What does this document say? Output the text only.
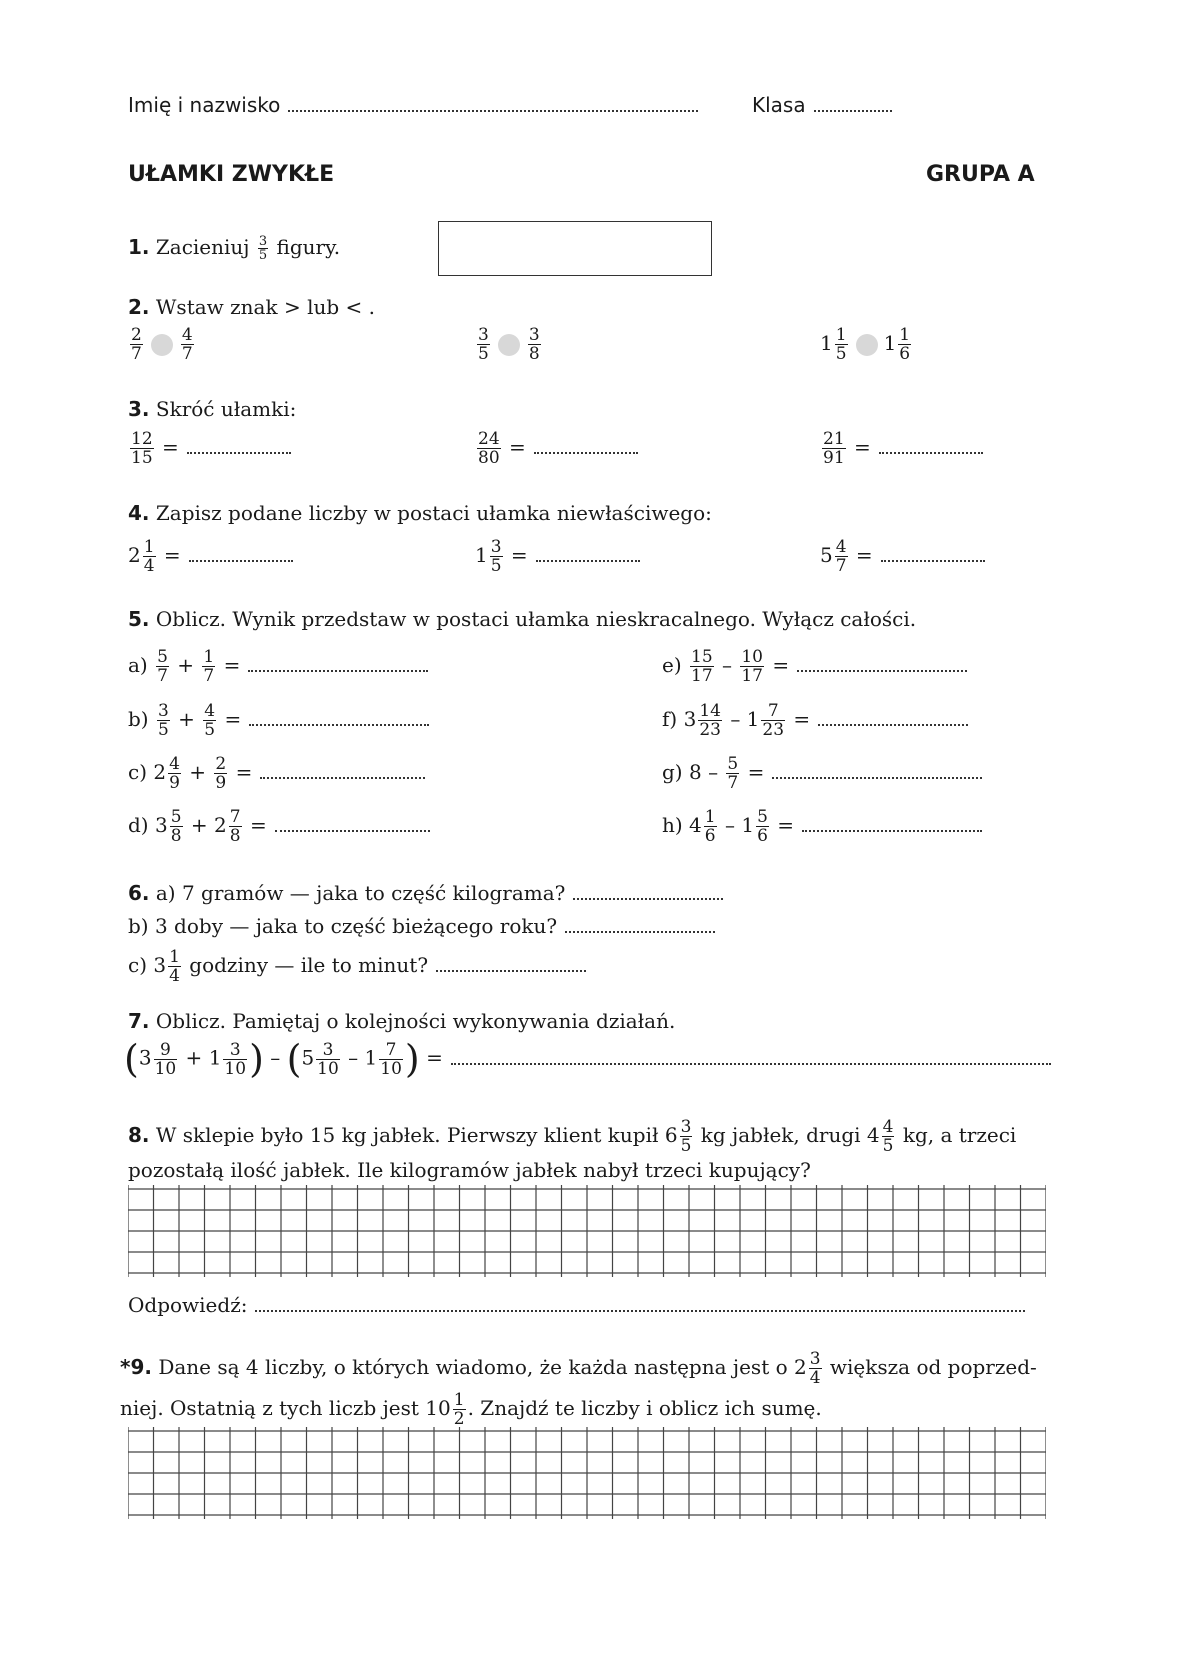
Imię i nazwisko	Klasa
UŁAMKI ZWYKŁE	GRUPA A
1. Zacieniuj $\frac{3}{5}$ figury.
2. Wstaw znak > lub < .
$\frac{2}{7} \frac{4}{7}$	$\frac{3}{5} \frac{3}{8}$	$1 \frac{1}{5} 1 \frac{1}{6}$
3. Skróć ułamki:
$\frac{12}{15}$ =	$\frac{24}{80}$ =	$\frac{21}{91}$ =
4. Zapisz podane liczby w postaci ułamka niewłaściwego:
$2 \frac{1}{4}$ =	$1 \frac{3}{5}$ =	$5 \frac{4}{7}$ =
5. Oblicz. Wynik przedstaw w postaci ułamka nieskracalnego. Wyłącz całości.
$a) \frac{5}{7} + \frac{1}{7}$ =
$b) \frac{3}{5} + \frac{4}{5}$ =
c) $2 \frac{4}{9} + \frac{2}{9}$ =
d) $3 \frac{5}{8} + 2 \frac{7}{8}$ =
$e) \frac{15}{17} - \frac{10}{17}$ =
f) $3 \frac{14}{23} - 1 \frac{7}{23}$ =
g) $8 - \frac{5}{7}$ =
h) $4 \frac{1}{6} - 1 \frac{5}{6}$ =
6. a) 7 gramów — jaka to część kilograma?
b) 3 doby — jaka to część bieżącego roku?
c) $3 \frac{1}{4}$ godziny — ile to minut?
7. Oblicz. Pamiętaj o kolejności wykonywania działań.
($3 \frac{9}{10} + 1 \frac{3}{10}$ ) – ($5 \frac{3}{10} - 1 \frac{7}{10}$ ) =
8. W sklepie było 15 kg jabłek. Pierwszy klient kupił $6 \frac{3}{5}$ kg jabłek, drugi $4 \frac{4}{5}$ kg, a trzeci
pozostałą ilość jabłek. Ile kilogramów jabłek nabył trzeci kupujący?
Odpowiedź:
*9. Dane są 4 liczby, o których wiadomo, że każda następna jest o $2 \frac{3}{4}$ większa od poprzed-
niej. Ostatnią z tych liczb jest $10 \frac{1}{2}$ . Znajdź te liczby i oblicz ich sumę.
